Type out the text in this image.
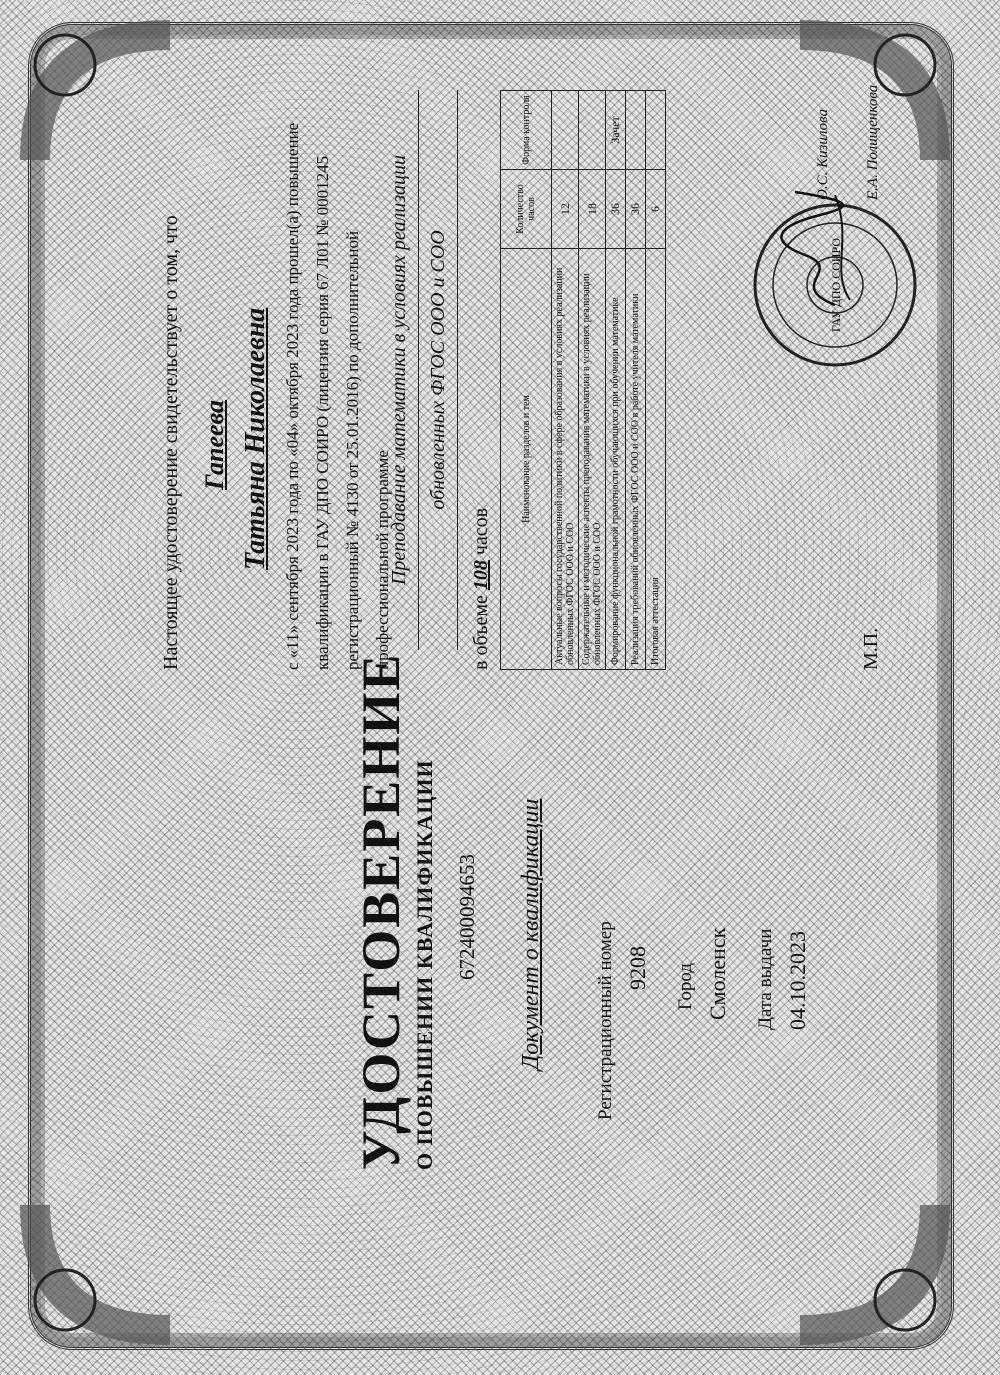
УДОСТОВЕРЕНИЕ О ПОВЫШЕНИИ КВАЛИФИКАЦИИ 672400094653 Документ о квалификации	Регистрационный номер 9208 Город Смоленск Дата выдачи 04.10.2023
Настоящее удостоверение свидетельствует о том, что Гапеева Татьяна Николаевна с «11» сентября 2023 года по «04» октября 2023 года прошел(а) повышение квалификации в ГАУ ДПО СОИРО (лицензия серия 67 Л01 № 0001245 регистрационный № 4130 от 25.01.2016) по дополнительной профессиональной программе
Преподавание математики в условиях реализации обновленных ФГОС ООО и СОО
в объеме 108 часов
Наименование разделов и тем	Количество часов	Форма контроля
Актуальные вопросы государственной политики в сфере образования в условиях реализации обновленных ФГОС ООО и СОО	12	
Содержательные и методические аспекты преподавания математики в условиях реализации обновленных ФГОС ООО и СОО	18	
Формирование функциональной грамотности обучающихся при обучении математике	36	Зачет
Реализация требований обновленных ФГОС ООО и СОО в работе учителя математики	36	
Итоговая аттестация	6	
ГАУ ДПО СОИРО
М.П.
О.С. Кизилова Е.А. Полищенкова
